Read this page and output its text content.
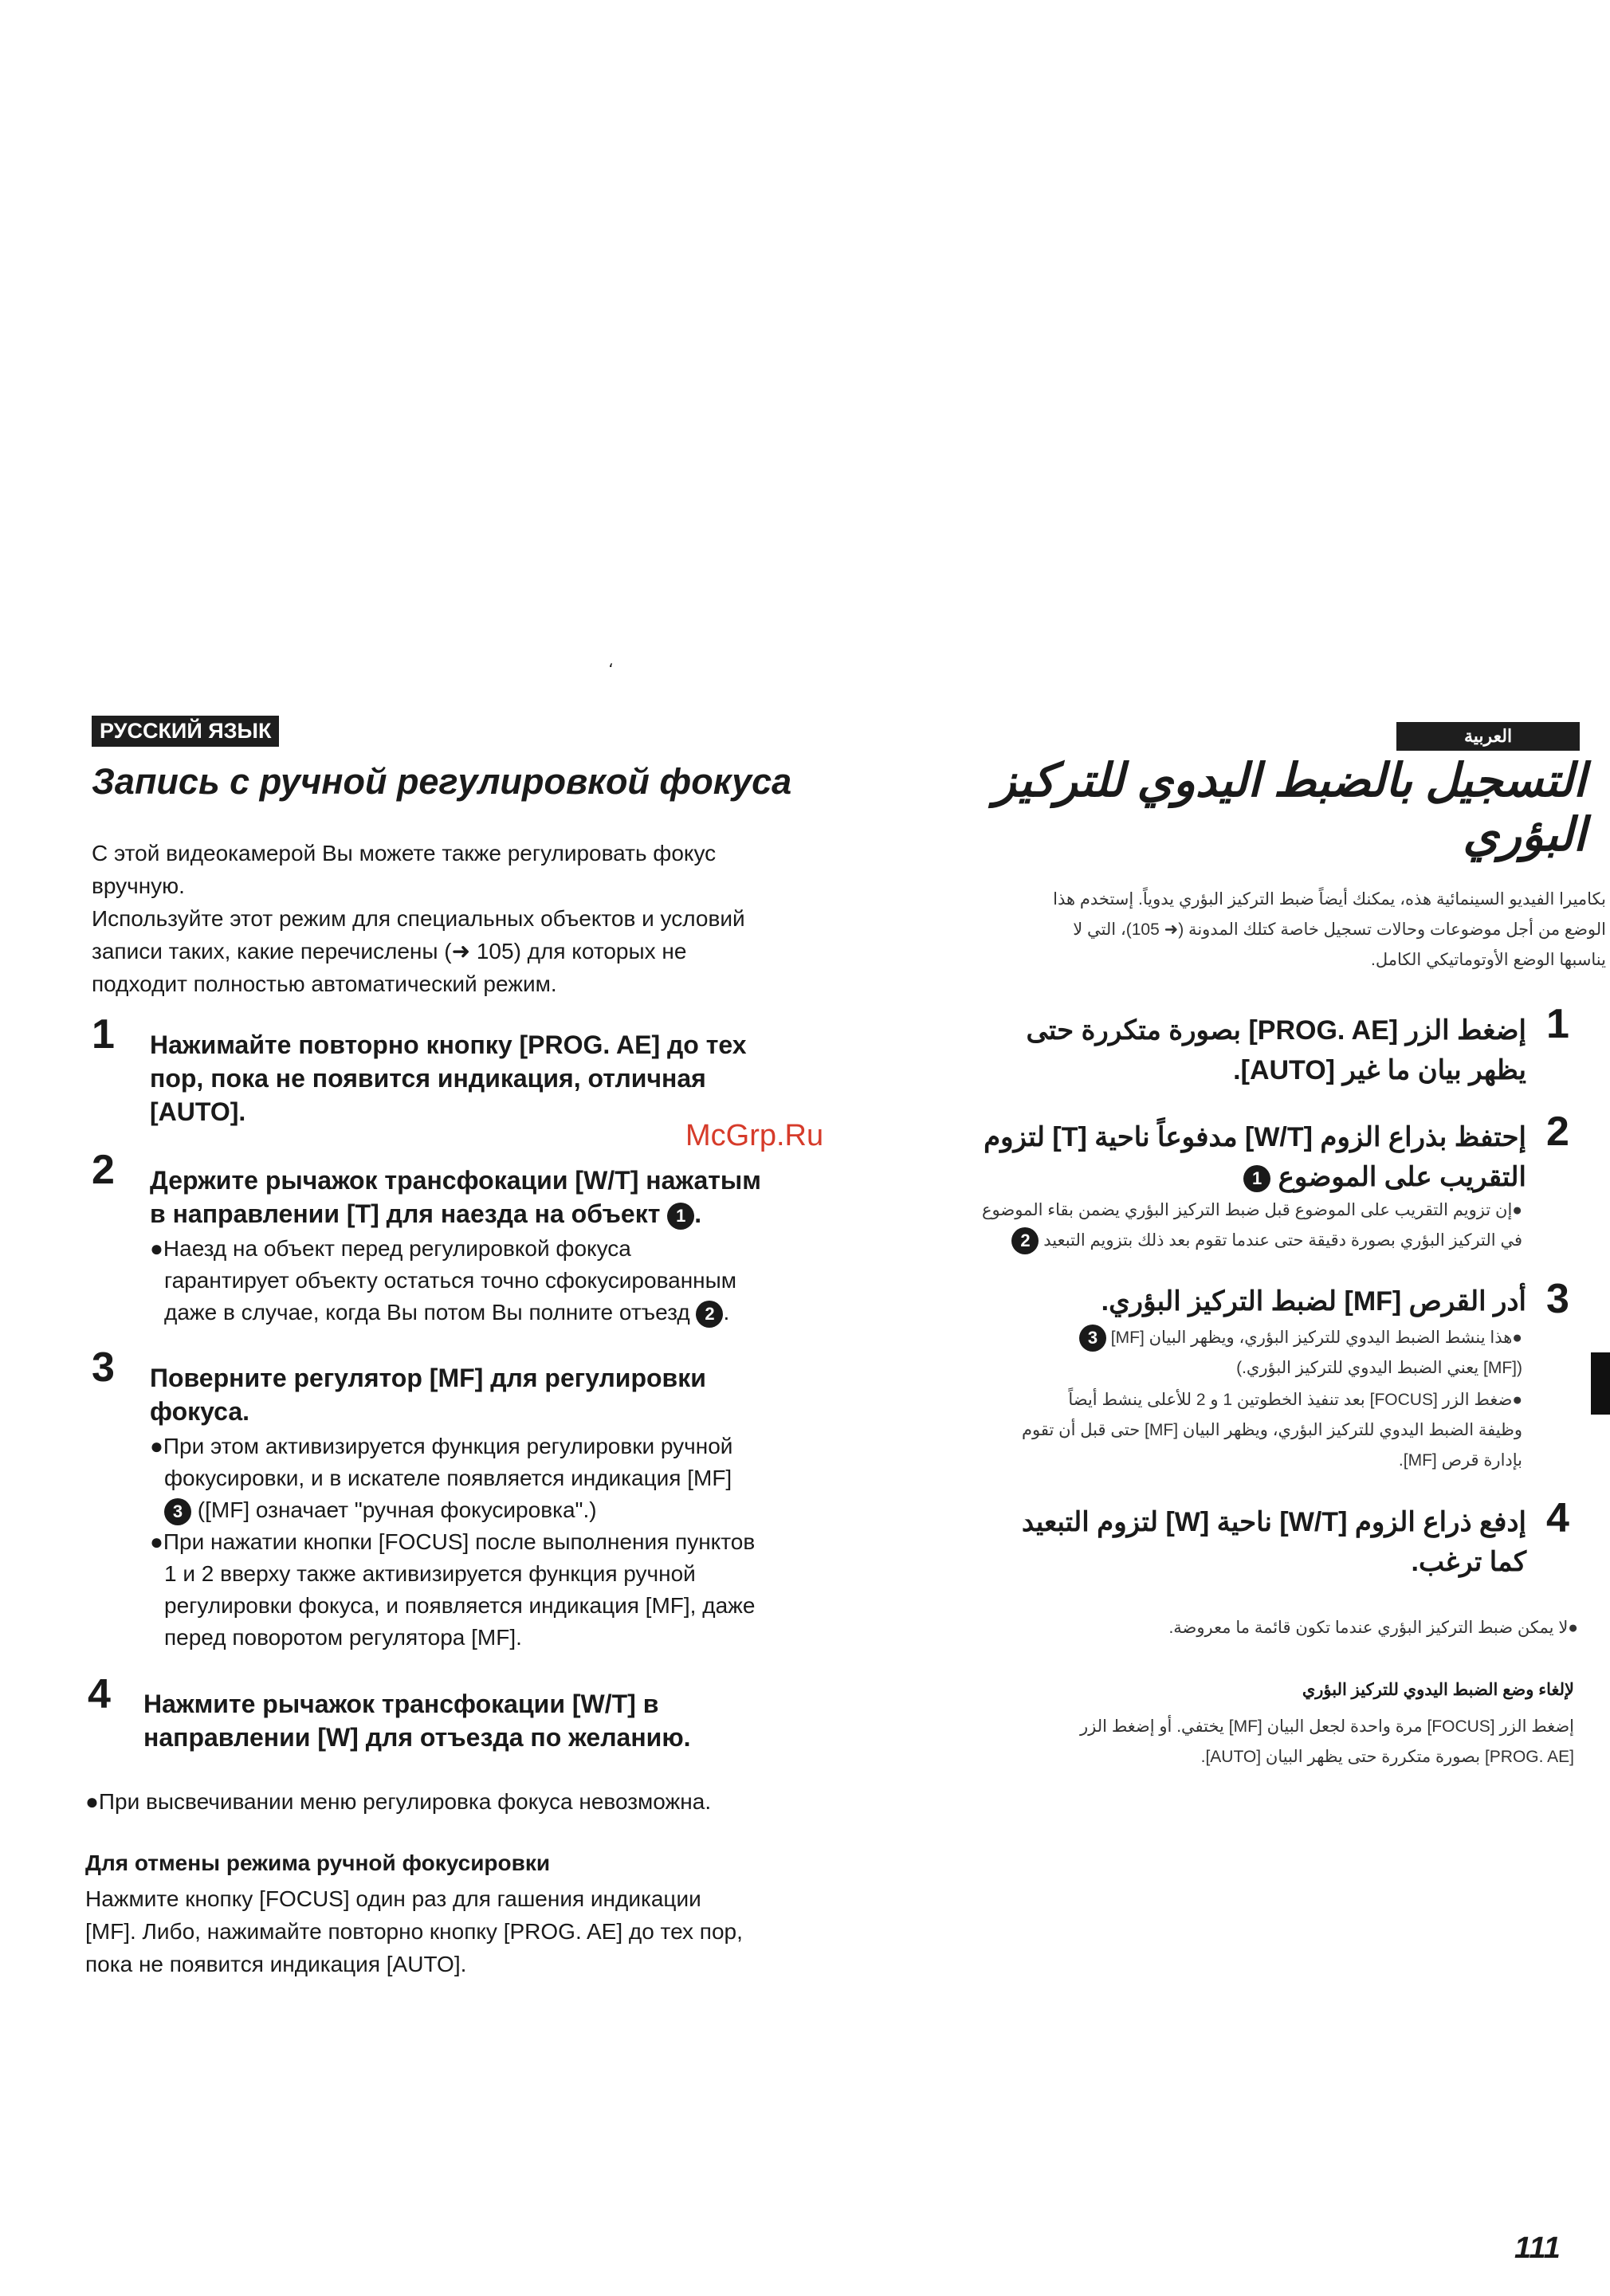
،
РУССКИЙ ЯЗЫК
Запись с ручной регулировкой фокуса
С этой видеокамерой Вы можете также регулировать фокус
вручную.
Используйте этот режим для специальных объектов и условий
записи таких, какие перечислены (➜ 105) для которых не
подходит полностью автоматический режим.
1 Нажимайте повторно кнопку [PROG. AE] до тех
пор, пока не появится индикация, отличная
[AUTO].
2 Держите рычажок трансфокации [W/T] нажатым
в направлении [T] для наезда на объект 1 .
●Наезд на объект перед регулировкой фокуса
гарантирует объекту остаться точно сфокусированным
даже в случае, когда Вы потом Вы полните отъезд 2 .
3 Поверните регулятор [MF] для регулировки
фокуса.
●При этом активизируется функция регулировки ручной
фокусировки, и в искателе появляется индикация [MF]
3 ([MF] означает "ручная фокусировка".)
●При нажатии кнопки [FOCUS] после выполнения пунктов
1 и 2 вверху также активизируется функция ручной
регулировки фокуса, и появляется индикация [MF], даже
перед поворотом регулятора [MF].
4 Нажмите рычажок трансфокации [W/T] в
направлении [W] для отъезда по желанию.
●При высвечивании меню регулировка фокуса невозможна.
Для отмены режима ручной фокусировки
Нажмите кнопку [FOCUS] один раз для гашения индикации
[MF]. Либо, нажимайте повторно кнопку [PROG. AE] до тех пор,
пока не появится индикация [AUTO].
McGrp.Ru
العربية
التسجيل بالضبط اليدوي للتركيز
البؤري
بكاميرا الفيديو السينمائية هذه، يمكنك أيضاً ضبط التركيز البؤري يدوياً. إستخدم هذا
الوضع من أجل موضوعات وحالات تسجيل خاصة كتلك المدونة (➜ 105)، التي لا
يناسبها الوضع الأوتوماتيكي الكامل.
1
إضغط الزر [PROG. AE] بصورة متكررة حتى
يظهر بيان ما غير [AUTO].
2
إحتفظ بذراع الزوم [W/T] مدفوعاً ناحية [T] لتزوم
التقريب على الموضوع 1
●إن تزويم التقريب على الموضوع قبل ضبط التركيز البؤري يضمن بقاء الموضوع
في التركيز البؤري بصورة دقيقة حتى عندما تقوم بعد ذلك بتزويم التبعيد 2
3
أدر القرص [MF] لضبط التركيز البؤري.
●هذا ينشط الضبط اليدوي للتركيز البؤري، ويظهر البيان [MF] 3
([MF] يعني الضبط اليدوي للتركيز البؤري.)
●ضغط الزر [FOCUS] بعد تنفيذ الخطوتين 1 و 2 للأعلى ينشط أيضاً
وظيفة الضبط اليدوي للتركيز البؤري، ويظهر البيان [MF] حتى قبل أن تقوم
بإدارة قرص [MF].
4
إدفع ذراع الزوم [W/T] ناحية [W] لتزوم التبعيد
كما ترغب.
●لا يمكن ضبط التركيز البؤري عندما تكون قائمة ما معروضة.
لإلغاء وضع الضبط اليدوي للتركيز البؤري
إضغط الزر [FOCUS] مرة واحدة لجعل البيان [MF] يختفي. أو إضغط الزر
[PROG. AE] بصورة متكررة حتى يظهر البيان [AUTO].
111
